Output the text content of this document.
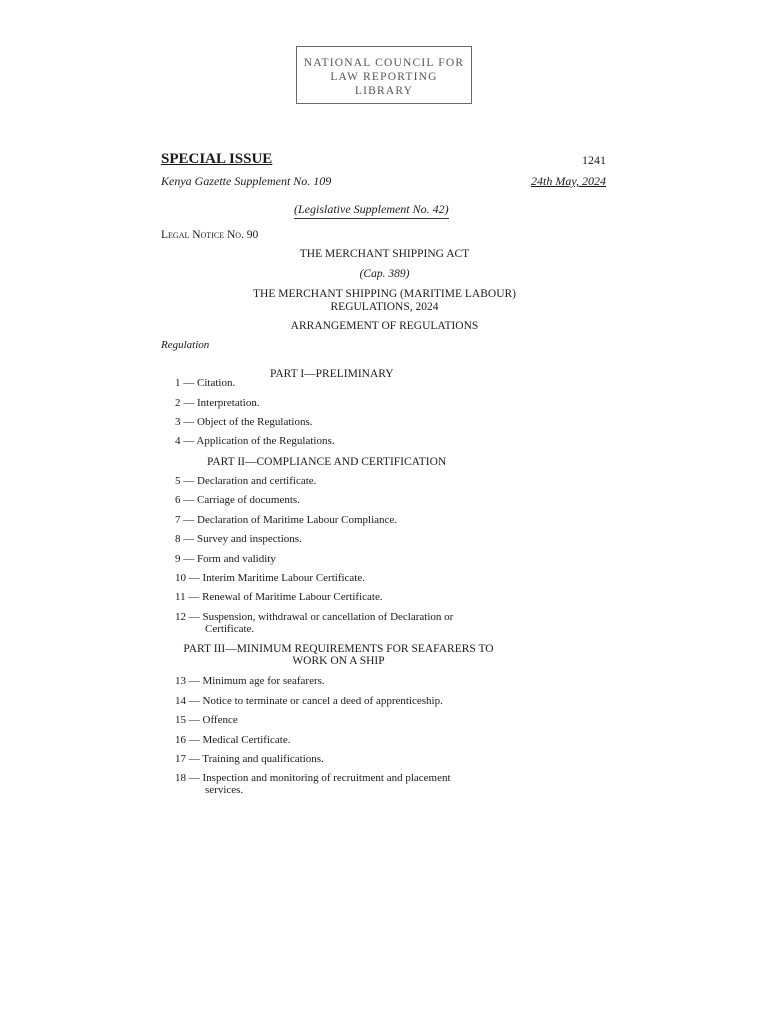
NATIONAL COUNCIL FOR
LAW REPORTING
LIBRARY
SPECIAL ISSUE	1241
Kenya Gazette Supplement No. 109	24th May, 2024
(Legislative Supplement No. 42)
Legal Notice No. 90
THE MERCHANT SHIPPING ACT
(Cap. 389)
THE MERCHANT SHIPPING (MARITIME LABOUR)
REGULATIONS, 2024
ARRANGEMENT OF REGULATIONS
Regulation
PART I—PRELIMINARY
PART II—COMPLIANCE AND CERTIFICATION
PART III—MINIMUM REQUIREMENTS FOR SEAFARERS TO
WORK ON A SHIP
1 — Citation.
2 — Interpretation.
3 — Object of the Regulations.
4 — Application of the Regulations.
5 — Declaration and certificate.
6 — Carriage of documents.
7 — Declaration of Maritime Labour Compliance.
8 — Survey and inspections.
9 — Form and validity
10 — Interim Maritime Labour Certificate.
11 — Renewal of Maritime Labour Certificate.
12 — Suspension, withdrawal or cancellation of Declaration or
Certificate.
13 — Minimum age for seafarers.
14 — Notice to terminate or cancel a deed of apprenticeship.
15 — Offence
16 — Medical Certificate.
17 — Training and qualifications.
18 — Inspection and monitoring of recruitment and placement
services.
